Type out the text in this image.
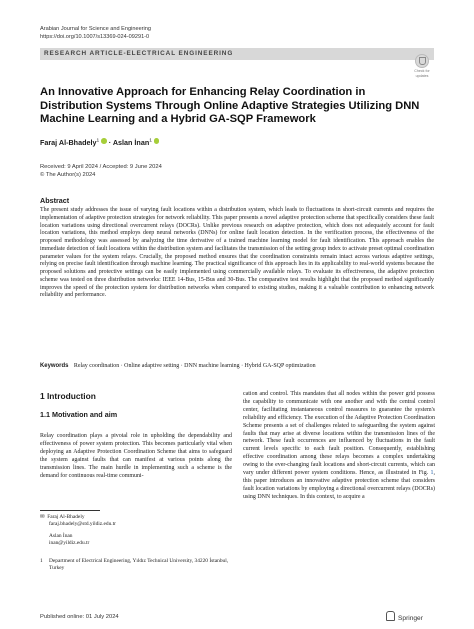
Arabian Journal for Science and Engineering
https://doi.org/10.1007/s13369-024-09291-0
RESEARCH ARTICLE-ELECTRICAL ENGINEERING
Check for
updates
An Innovative Approach for Enhancing Relay Coordination in Distribution Systems Through Online Adaptive Strategies Utilizing DNN Machine Learning and a Hybrid GA-SQP Framework
Faraj Al-Bhadely$^1$ · Aslan İnan$^1$
Received: 9 April 2024 / Accepted: 9 June 2024
© The Author(s) 2024
Abstract

The present study addresses the issue of varying fault locations within a distribution system, which leads to fluctuations in short-circuit currents and requires the implementation of adaptive protection strategies for network reliability. This paper presents a novel adaptive protection scheme that specifically considers these fault location variations using directional overcurrent relays (DOCRs). Unlike previous research on adaptive protection, which does not adequately account for fault location variations, this method employs deep neural networks (DNNs) for online fault location detection. In the verification process, the effectiveness of the proposed methodology was assessed by analyzing the time derivative of a trained machine learning model for fault identification. This approach enables the immediate detection of fault locations within the distribution system and facilitates the transmission of the setting group index to activate preset optimal coordination parameter values for the system relays. Crucially, the proposed method ensures that the coordination constraints remain intact across various adaptive settings, relying on precise fault identification through machine learning. The practical significance of this approach lies in its applicability to real-world systems because the proposed solutions and protective settings can be easily implemented using commercially available relays. To evaluate its effectiveness, the adaptive protection scheme was tested on three distribution networks: IEEE 14-Bus, 15-Bus and 30-Bus. The comparative test results highlight that the proposed method significantly improves the speed of the protection system for distribution networks when compared to existing studies, making it a valuable contribution to enhancing network reliability and performance.

Keywords Relay coordination · Online adaptive setting · DNN machine learning · Hybrid GA-SQP optimization
1 Introduction
1.1 Motivation and aim

Relay coordination plays a pivotal role in upholding the dependability and effectiveness of power system protection. This becomes particularly vital when deploying an Adaptive Protection Coordination Scheme that aims to safeguard the system against faults that can manifest at various points along the transmission lines. The main hurdle in implementing such a scheme is the demand for continuous real-time communi-

cation and control. This mandates that all nodes within the power grid possess the capability to communicate with one another and with the central control center, facilitating instantaneous control measures to guarantee the system's reliability and efficiency. The execution of the Adaptive Protection Coordination Scheme presents a set of challenges related to safeguarding the system against faults that may arise at diverse locations within the transmission lines of the network. These fault occurrences are influenced by fluctuations in the fault current levels specific to each fault position. Consequently, establishing effective coordination among these relays becomes a complex undertaking owing to the ever-changing fault locations and short-circuit currents, which can vary under different power system conditions. Hence, as illustrated in Fig. 1, this paper introduces an innovative adaptive protection scheme that considers fault location variations by employing a directional overcurrent relays (DOCRs) using DNN techniques. In this context, to acquire a

✉ Faraj Al-Bhadely
faraj.bhadely@std.yildiz.edu.tr
Aslan İnan
inan@yildiz.edu.tr
1	Department of Electrical Engineering, Yıldız Technical University, 34220 İstanbul, Turkey
Published online: 01 July 2024	Springer
